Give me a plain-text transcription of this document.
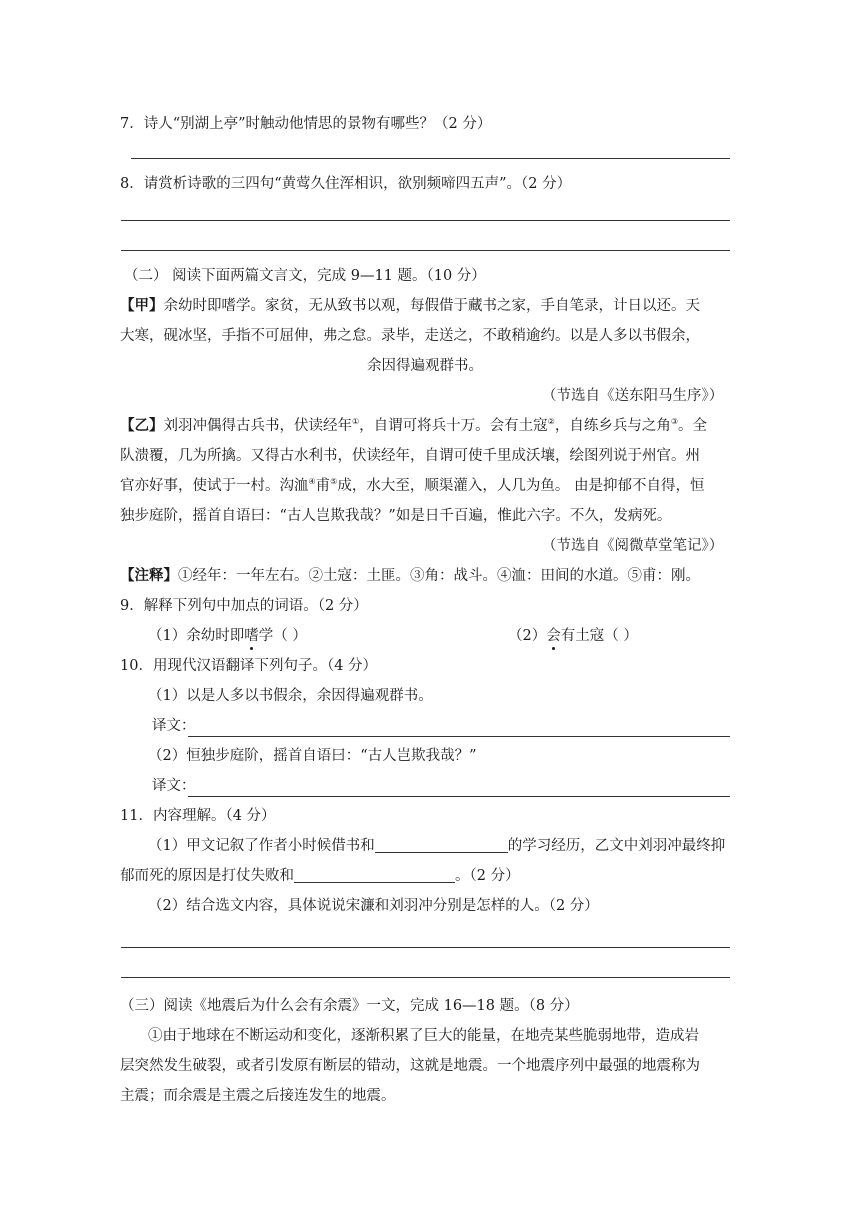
7．诗人“别湖上亭”时触动他情思的景物有哪些？（2 分）
8．请赏析诗歌的三四句“黄莺久住浑相识，欲别频啼四五声”。（2 分）
（二） 阅读下面两篇文言文，完成 9—11 题。（10 分）
【甲】余幼时即嗜学。家贫，无从致书以观，每假借于藏书之家，手自笔录，计日以还。天
大寒，砚冰坚，手指不可屈伸，弗之怠。录毕，走送之，不敢稍逾约。以是人多以书假余，
余因得遍观群书。
（节选自《送东阳马生序》）
【乙】刘羽冲偶得古兵书，伏读经年①，自谓可将兵十万。会有土寇②，自练乡兵与之角③。全
队溃覆，几为所擒。又得古水利书，伏读经年，自谓可使千里成沃壤，绘图列说于州官。州
官亦好事，使试于一村。沟洫④甫⑤成，水大至，顺渠灌入，人几为鱼。 由是抑郁不自得，恒
独步庭阶，摇首自语曰：“古人岂欺我哉？”如是日千百遍，惟此六字。不久，发病死。
（节选自《阅微草堂笔记》）
【注释】①经年：一年左右。②土寇：土匪。③角：战斗。④洫：田间的水道。⑤甫：刚。
9．解释下列句中加点的词语。（2 分）
（1）余幼时即嗜学（ ）	（2）会有土寇（ ）
10．用现代汉语翻译下列句子。（4 分）
（1）以是人多以书假余，余因得遍观群书。
译文：
（2）恒独步庭阶，摇首自语曰：“古人岂欺我哉？”
译文：
11．内容理解。（4 分）
（1）甲文记叙了作者小时候借书和	的学习经历，乙文中刘羽冲最终抑
郁而死的原因是打仗失败和	。（2 分）
（2）结合选文内容，具体说说宋濂和刘羽冲分别是怎样的人。（2 分）
（三）阅读《地震后为什么会有余震》一文，完成 16—18 题。（8 分）
①由于地球在不断运动和变化，逐渐积累了巨大的能量，在地壳某些脆弱地带，造成岩
层突然发生破裂，或者引发原有断层的错动，这就是地震。一个地震序列中最强的地震称为
主震；而余震是主震之后接连发生的地震。
